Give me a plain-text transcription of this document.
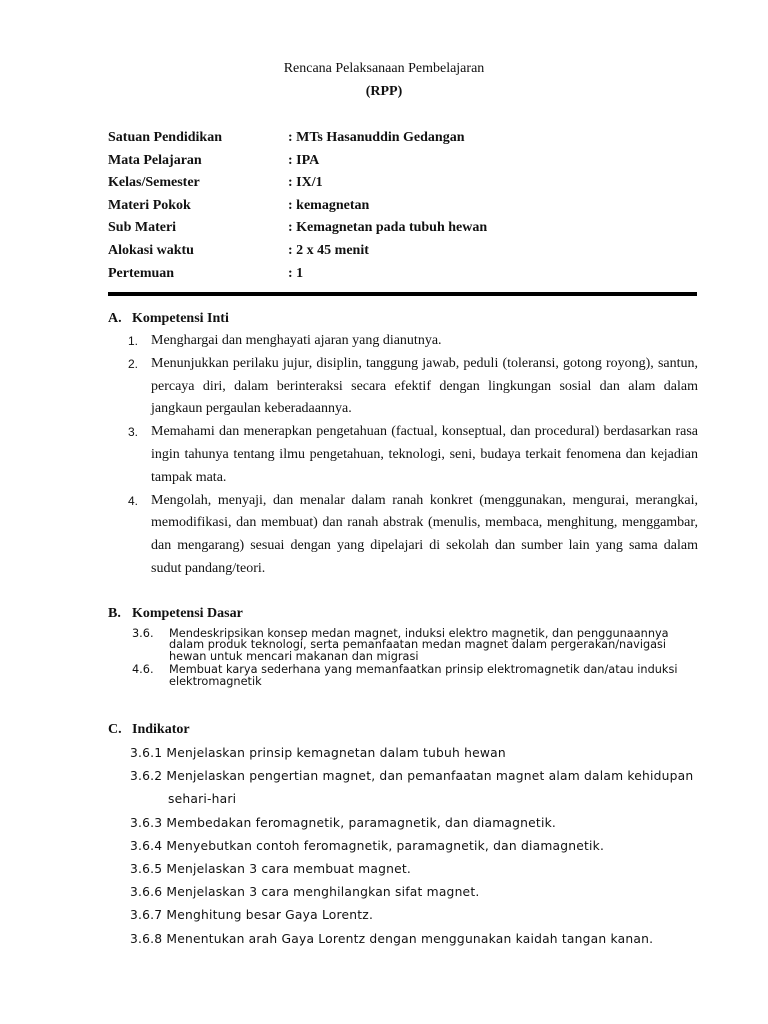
Rencana Pelaksanaan Pembelajaran
(RPP)
Satuan Pendidikan	: MTs Hasanuddin Gedangan
Mata Pelajaran	: IPA
Kelas/Semester	: IX/1
Materi Pokok	: kemagnetan
Sub Materi	: Kemagnetan pada tubuh hewan
Alokasi waktu	: 2 x 45 menit
Pertemuan	: 1
A. Kompetensi Inti
1. Menghargai dan menghayati ajaran yang dianutnya.
2. Menunjukkan perilaku jujur, disiplin, tanggung jawab, peduli (toleransi, gotong royong), santun, percaya diri, dalam berinteraksi secara efektif dengan lingkungan sosial dan alam dalam jangkaun pergaulan keberadaannya.
3. Memahami dan menerapkan pengetahuan (factual, konseptual, dan procedural) berdasarkan rasa ingin tahunya tentang ilmu pengetahuan, teknologi, seni, budaya terkait fenomena dan kejadian tampak mata.
4. Mengolah, menyaji, dan menalar dalam ranah konkret (menggunakan, mengurai, merangkai, memodifikasi, dan membuat) dan ranah abstrak (menulis, membaca, menghitung, menggambar, dan mengarang) sesuai dengan yang dipelajari di sekolah dan sumber lain yang sama dalam sudut pandang/teori.
B. Kompetensi Dasar
3.6.	Mendeskripsikan konsep medan magnet, induksi elektro magnetik, dan penggunaannya dalam produk teknologi, serta pemanfaatan medan magnet dalam pergerakan/navigasi hewan untuk mencari makanan dan migrasi
4.6.	Membuat karya sederhana yang memanfaatkan prinsip elektromagnetik dan/atau induksi elektromagnetik
C. Indikator
3.6.1 Menjelaskan prinsip kemagnetan dalam tubuh hewan
3.6.2 Menjelaskan pengertian magnet, dan pemanfaatan magnet alam dalam kehidupan
sehari-hari
3.6.3 Membedakan feromagnetik, paramagnetik, dan diamagnetik.
3.6.4 Menyebutkan contoh feromagnetik, paramagnetik, dan diamagnetik.
3.6.5 Menjelaskan 3 cara membuat magnet.
3.6.6 Menjelaskan 3 cara menghilangkan sifat magnet.
3.6.7 Menghitung besar Gaya Lorentz.
3.6.8 Menentukan arah Gaya Lorentz dengan menggunakan kaidah tangan kanan.
